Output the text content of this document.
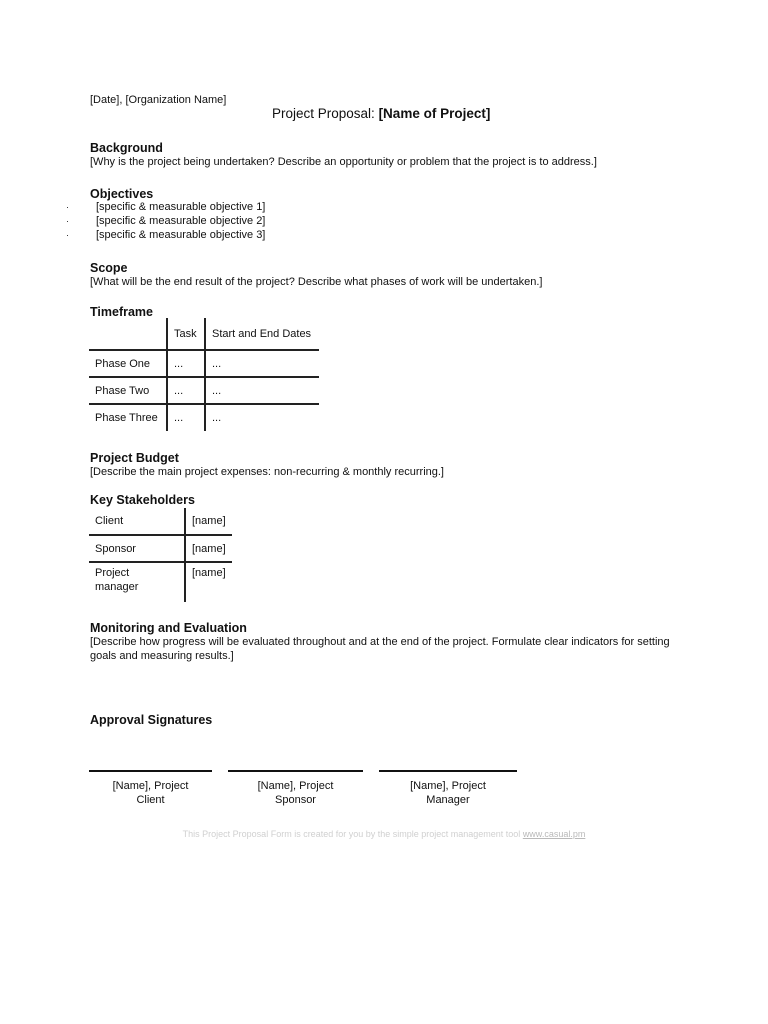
[Date], [Organization Name]
Project Proposal: [Name of Project]
Background
[Why is the project being undertaken? Describe an opportunity or problem that the project is to address.]
Objectives
· [specific & measurable objective 1]
· [specific & measurable objective 2]
· [specific & measurable objective 3]
Scope
[What will be the end result of the project? Describe what phases of work will be undertaken.]
Timeframe
	Task	Start and End Dates
Phase One	...	...
Phase Two	...	...
Phase Three	...	...
Project Budget
[Describe the main project expenses: non-recurring & monthly recurring.]
Key Stakeholders
Client	[name]
Sponsor	[name]

Project manager	[name]
Monitoring and Evaluation
[Describe how progress will be evaluated throughout and at the end of the project. Formulate clear indicators for setting goals and measuring results.]
Approval Signatures
[Name], Project
Client
[Name], Project
Sponsor
[Name], Project
Manager
This Project Proposal Form is created for you by the simple project management tool www.casual.pm
